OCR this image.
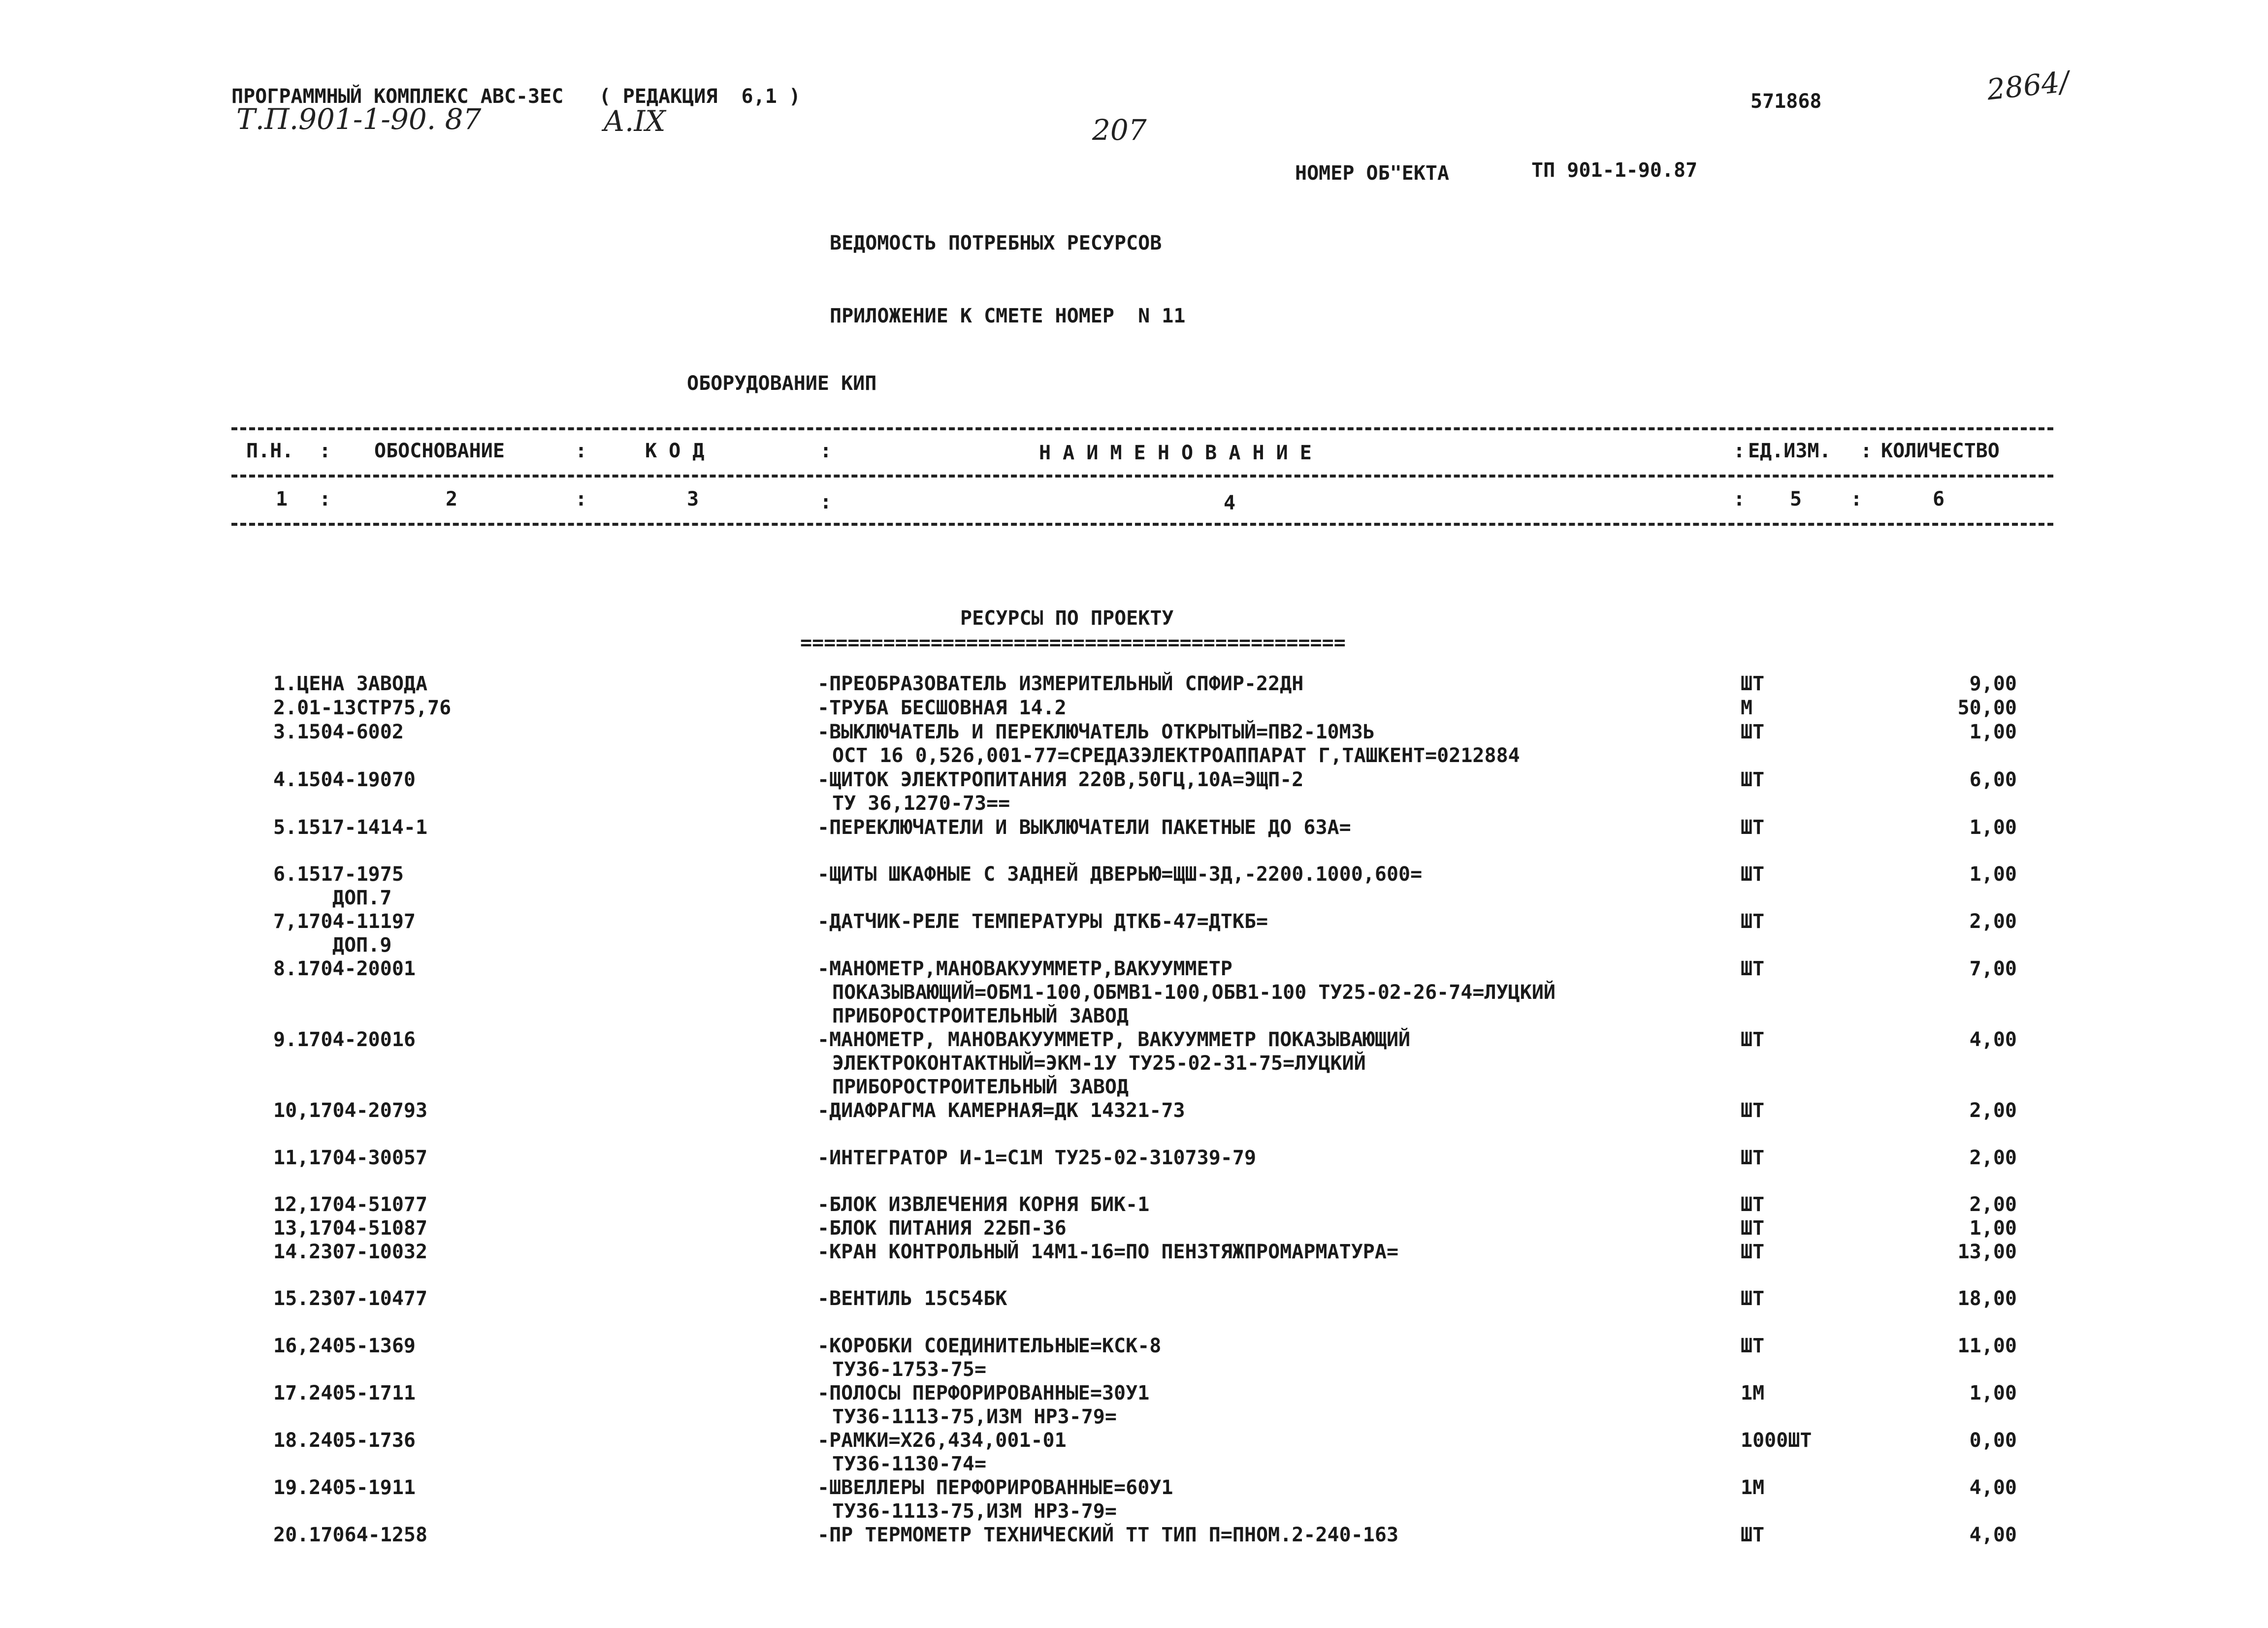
ПРОГРАММНЫЙ КОМПЛЕКС АВС-3ЕС   ( РЕДАКЦИЯ  6,1 )	571868	2864/
Т.П.901-1-90. 87	А.IX	207
НОМЕР ОБ"ЕКТА	ТП 901-1-90.87
ВЕДОМОСТЬ ПОТРЕБНЫХ РЕСУРСОВ
ПРИЛОЖЕНИЕ К СМЕТЕ НОМЕР  N 11
ОБОРУДОВАНИЕ КИП
П.Н. : ОБОСНОВАНИЕ	:	К О Д	:	Н А И М Е Н О В А Н И Е	: ЕД.ИЗМ. : КОЛИЧЕСТВО
1 :	2	:	3	:	4	: 5 :	6
РЕСУРСЫ ПО ПРОЕКТУ
==============================================
1.ЦЕНА ЗАВОДА	-ПРЕОБРАЗОВАТЕЛЬ ИЗМЕРИТЕЛЬНЫЙ СПФИР-22ДН	ШТ	9,00
2.01-13СТР75,76	-ТРУБА БЕСШОВНАЯ 14.2	М	50,00
3.1504-6002	-ВЫКЛЮЧАТЕЛЬ И ПЕРЕКЛЮЧАТЕЛЬ ОТКРЫТЫЙ=ПВ2-10М3Ь	ШТ	1,00
ОСТ 16 0,526,001-77=СРЕДАЗЭЛЕКТРОАППАРАТ Г,ТАШКЕНТ=0212884
4.1504-19070	-ЩИТОК ЭЛЕКТРОПИТАНИЯ 220В,50ГЦ,10А=ЭЩП-2	ШТ	6,00
ТУ 36,1270-73==
5.1517-1414-1	-ПЕРЕКЛЮЧАТЕЛИ И ВЫКЛЮЧАТЕЛИ ПАКЕТНЫЕ ДО 63А=	ШТ	1,00
6.1517-1975	-ЩИТЫ ШКАФНЫЕ С ЗАДНЕЙ ДВЕРЬЮ=ЩШ-ЗД,-2200.1000,600=	ШТ	1,00
ДОП.7
7,1704-11197	-ДАТЧИК-РЕЛЕ ТЕМПЕРАТУРЫ ДТКБ-47=ДТКБ=	ШТ	2,00
ДОП.9
8.1704-20001	-МАНОМЕТР,МАНОВАКУУММЕТР,ВАКУУММЕТР	ШТ	7,00
ПОКАЗЫВАЮЩИЙ=ОБМ1-100,ОБМВ1-100,ОБВ1-100 ТУ25-02-26-74=ЛУЦКИЙ
ПРИБОРОСТРОИТЕЛЬНЫЙ ЗАВОД
9.1704-20016	-МАНОМЕТР, МАНОВАКУУММЕТР, ВАКУУММЕТР ПОКАЗЫВАЮЩИЙ	ШТ	4,00
ЭЛЕКТРОКОНТАКТНЫЙ=ЭКМ-1У ТУ25-02-31-75=ЛУЦКИЙ
ПРИБОРОСТРОИТЕЛЬНЫЙ ЗАВОД
10,1704-20793	-ДИАФРАГМА КАМЕРНАЯ=ДК 14321-73	ШТ	2,00
11,1704-30057	-ИНТЕГРАТОР И-1=С1М ТУ25-02-310739-79	ШТ	2,00
12,1704-51077	-БЛОК ИЗВЛЕЧЕНИЯ КОРНЯ БИК-1	ШТ	2,00
13,1704-51087	-БЛОК ПИТАНИЯ 22БП-36	ШТ	1,00
14.2307-10032	-КРАН КОНТРОЛЬНЫЙ 14М1-16=ПО ПЕНЗТЯЖПРОМАРМАТУРА=	ШТ	13,00
15.2307-10477	-ВЕНТИЛЬ 15С54БК	ШТ	18,00
16,2405-1369	-КОРОБКИ СОЕДИНИТЕЛЬНЫЕ=КСК-8	ШТ	11,00
ТУ36-1753-75=
17.2405-1711	-ПОЛОСЫ ПЕРФОРИРОВАННЫЕ=30У1	1М	1,00
ТУ36-1113-75,ИЗМ НР3-79=
18.2405-1736	-РАМКИ=Х26,434,001-01	1000ШТ	0,00
ТУ36-1130-74=
19.2405-1911	-ШВЕЛЛЕРЫ ПЕРФОРИРОВАННЫЕ=60У1	1М	4,00
ТУ36-1113-75,ИЗМ НР3-79=
20.17064-1258	-ПР ТЕРМОМЕТР ТЕХНИЧЕСКИЙ ТТ ТИП П=ПНОМ.2-240-163	ШТ	4,00
